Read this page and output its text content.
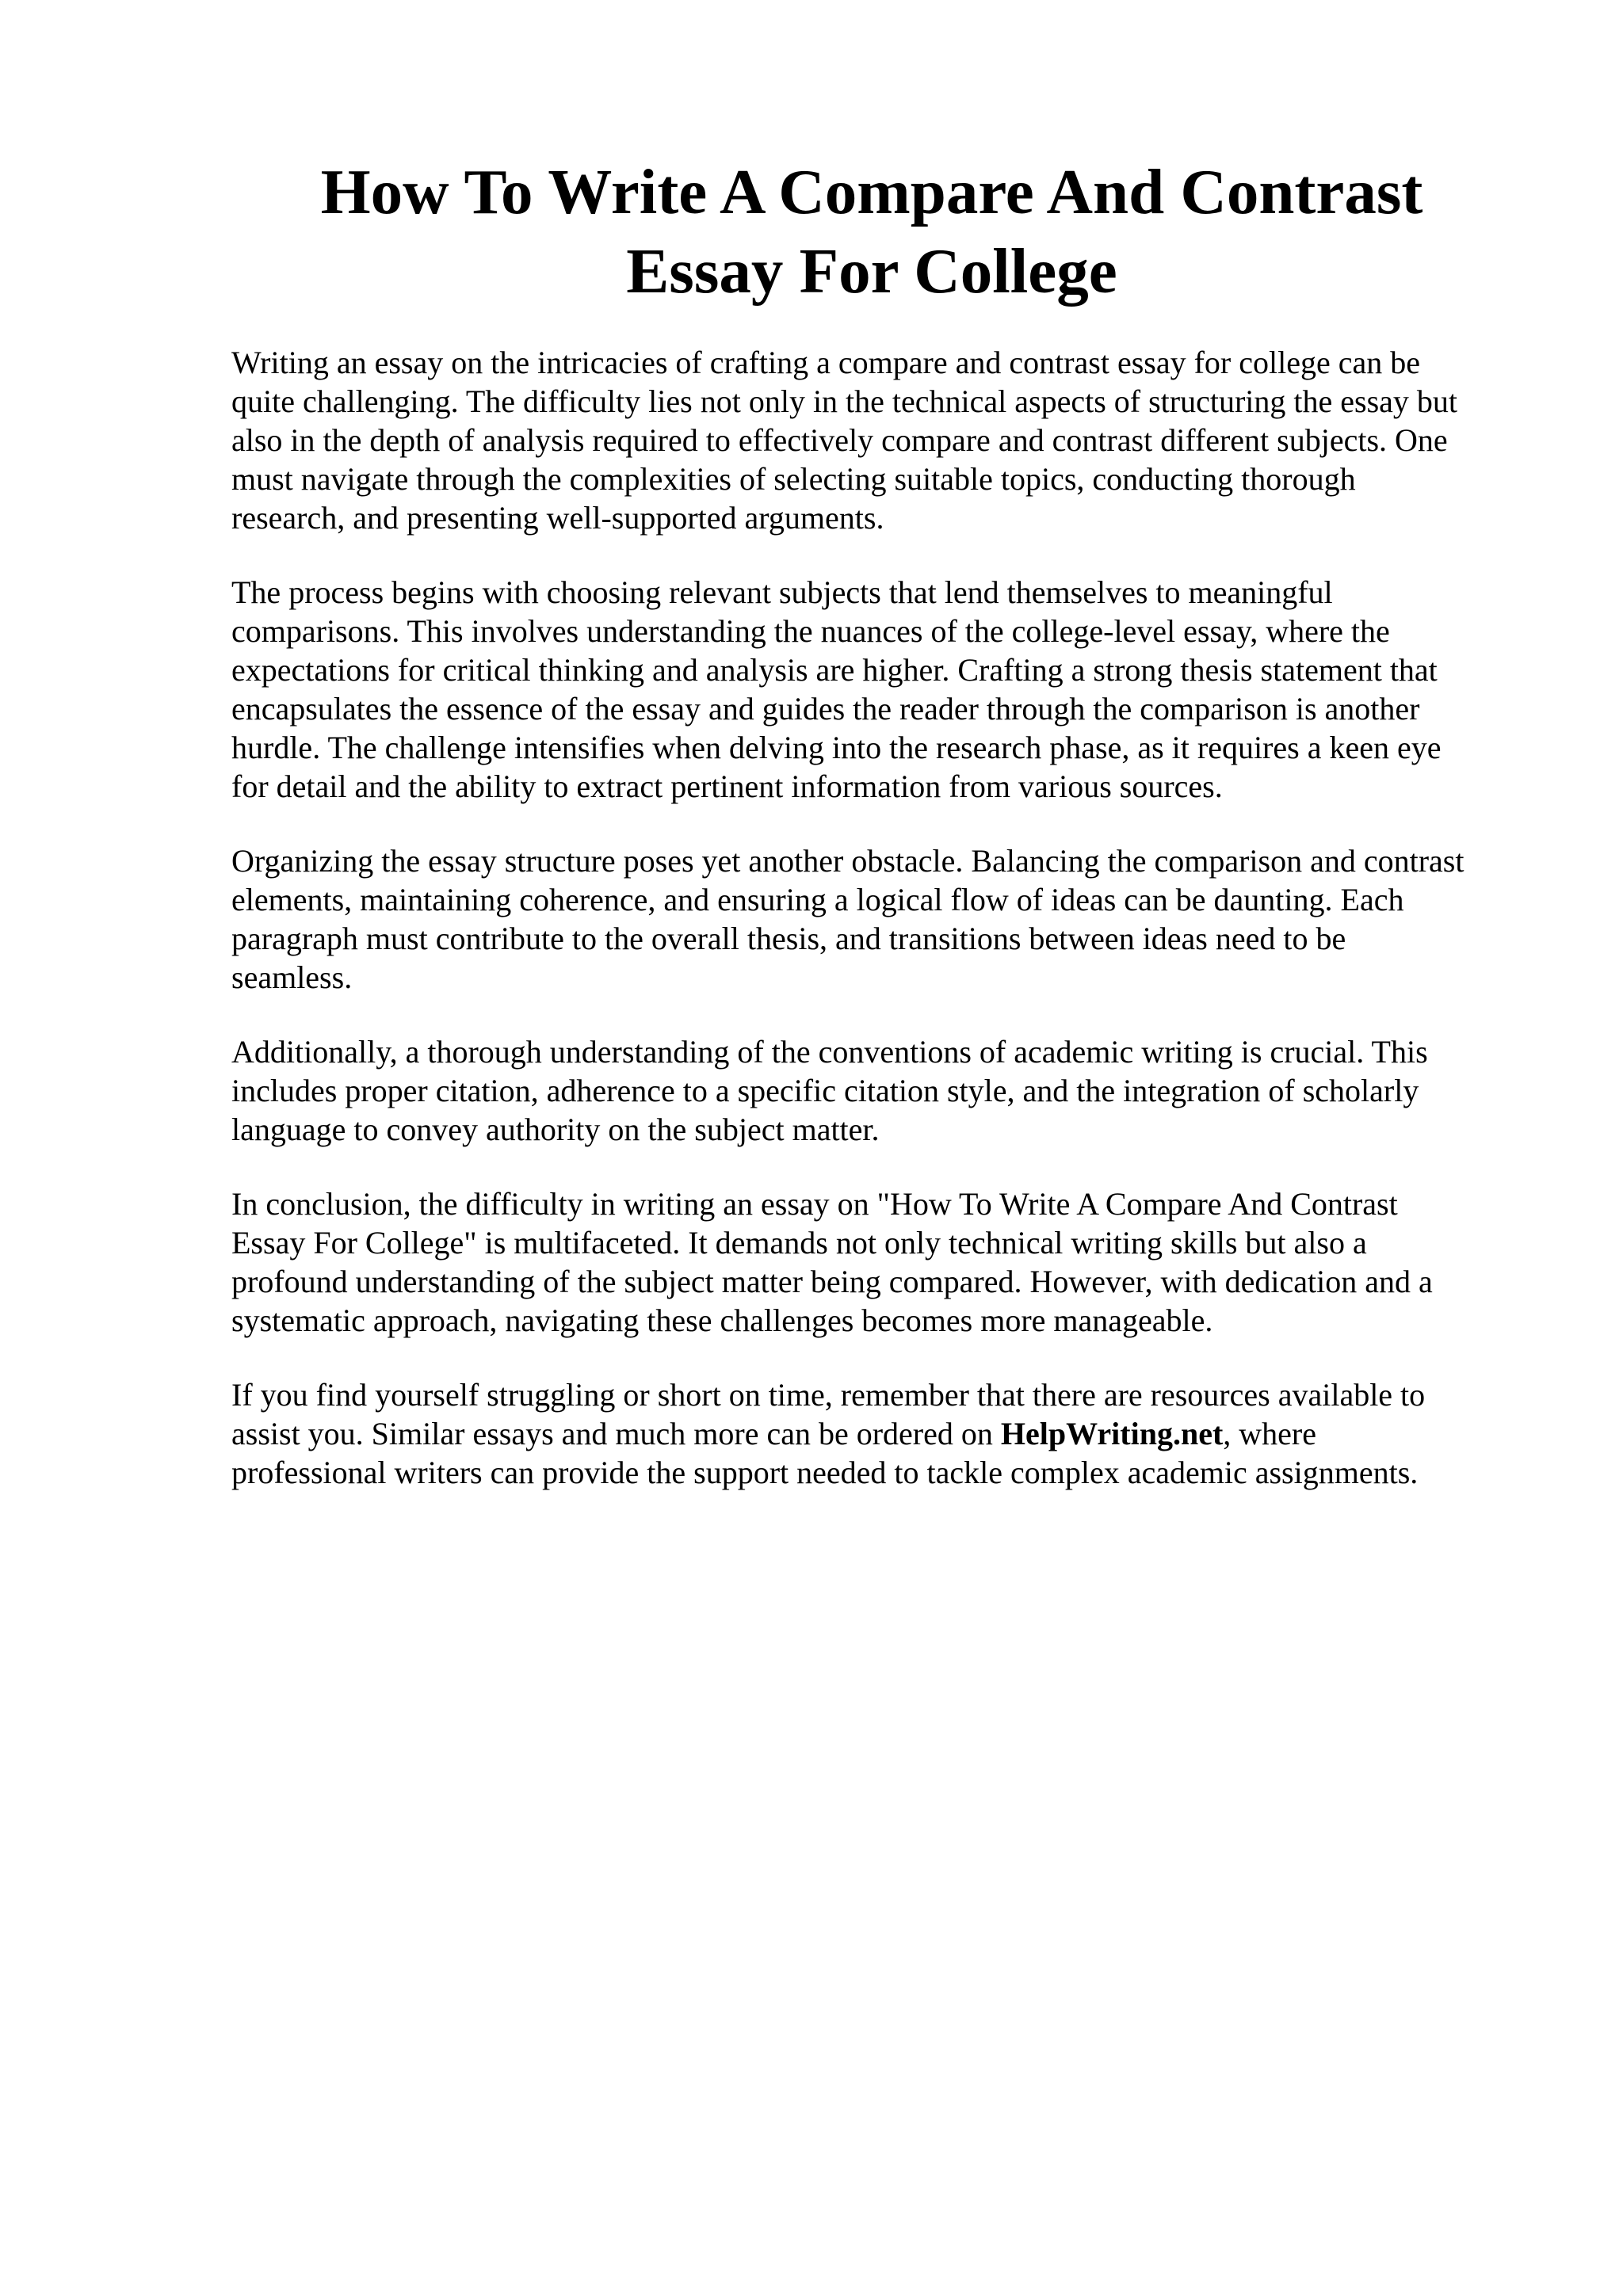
How To Write A Compare And Contrast
Essay For College

Writing an essay on the intricacies of crafting a compare and contrast essay for college can be
quite challenging. The difficulty lies not only in the technical aspects of structuring the essay but
also in the depth of analysis required to effectively compare and contrast different subjects. One
must navigate through the complexities of selecting suitable topics, conducting thorough
research, and presenting well-supported arguments.

The process begins with choosing relevant subjects that lend themselves to meaningful
comparisons. This involves understanding the nuances of the college-level essay, where the
expectations for critical thinking and analysis are higher. Crafting a strong thesis statement that
encapsulates the essence of the essay and guides the reader through the comparison is another
hurdle. The challenge intensifies when delving into the research phase, as it requires a keen eye
for detail and the ability to extract pertinent information from various sources.

Organizing the essay structure poses yet another obstacle. Balancing the comparison and contrast
elements, maintaining coherence, and ensuring a logical flow of ideas can be daunting. Each
paragraph must contribute to the overall thesis, and transitions between ideas need to be
seamless.

Additionally, a thorough understanding of the conventions of academic writing is crucial. This
includes proper citation, adherence to a specific citation style, and the integration of scholarly
language to convey authority on the subject matter.

In conclusion, the difficulty in writing an essay on "How To Write A Compare And Contrast
Essay For College" is multifaceted. It demands not only technical writing skills but also a
profound understanding of the subject matter being compared. However, with dedication and a
systematic approach, navigating these challenges becomes more manageable.

If you find yourself struggling or short on time, remember that there are resources available to
assist you. Similar essays and much more can be ordered on HelpWriting.net, where
professional writers can provide the support needed to tackle complex academic assignments.
